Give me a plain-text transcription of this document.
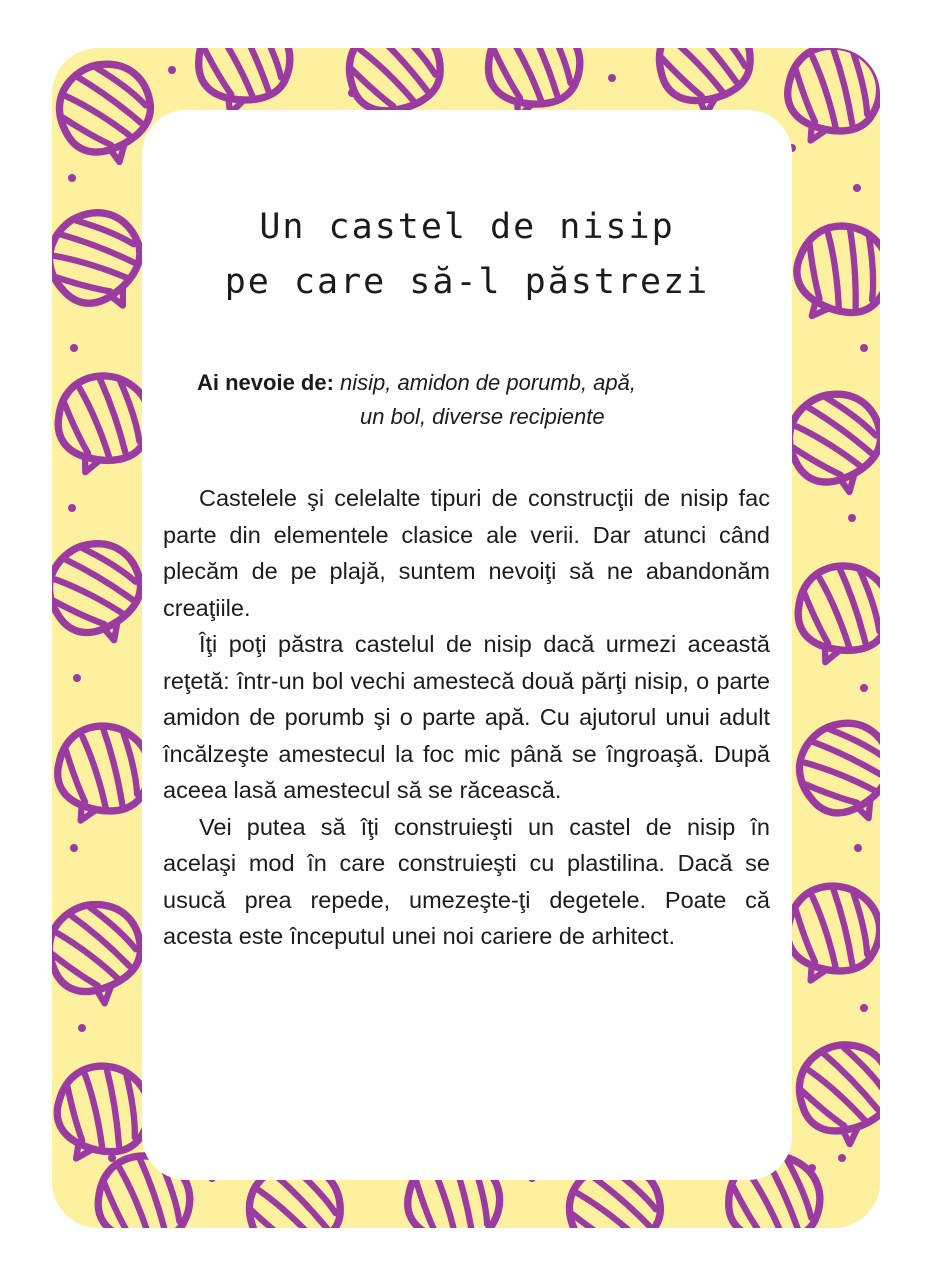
Un castel de nisip
pe care să-l păstrezi
Ai nevoie de: nisip, amidon de porumb, apă,
un bol, diverse recipiente

Castelele şi celelalte tipuri de construcţii de nisip fac parte din elementele clasice ale verii. Dar atunci când plecăm de pe plajă, suntem nevoiţi să ne abandonăm creaţiile.

Îţi poţi păstra castelul de nisip dacă urmezi această reţetă: într-un bol vechi amestecă două părţi nisip, o parte amidon de porumb şi o parte apă. Cu ajutorul unui adult încălzeşte amestecul la foc mic până se îngroaşă. După aceea lasă amestecul să se răcească.

Vei putea să îţi construieşti un castel de nisip în acelaşi mod în care construieşti cu plastilina. Dacă se usucă prea repede, umezeşte-ţi degetele. Poate că acesta este începutul unei noi cariere de arhitect.
